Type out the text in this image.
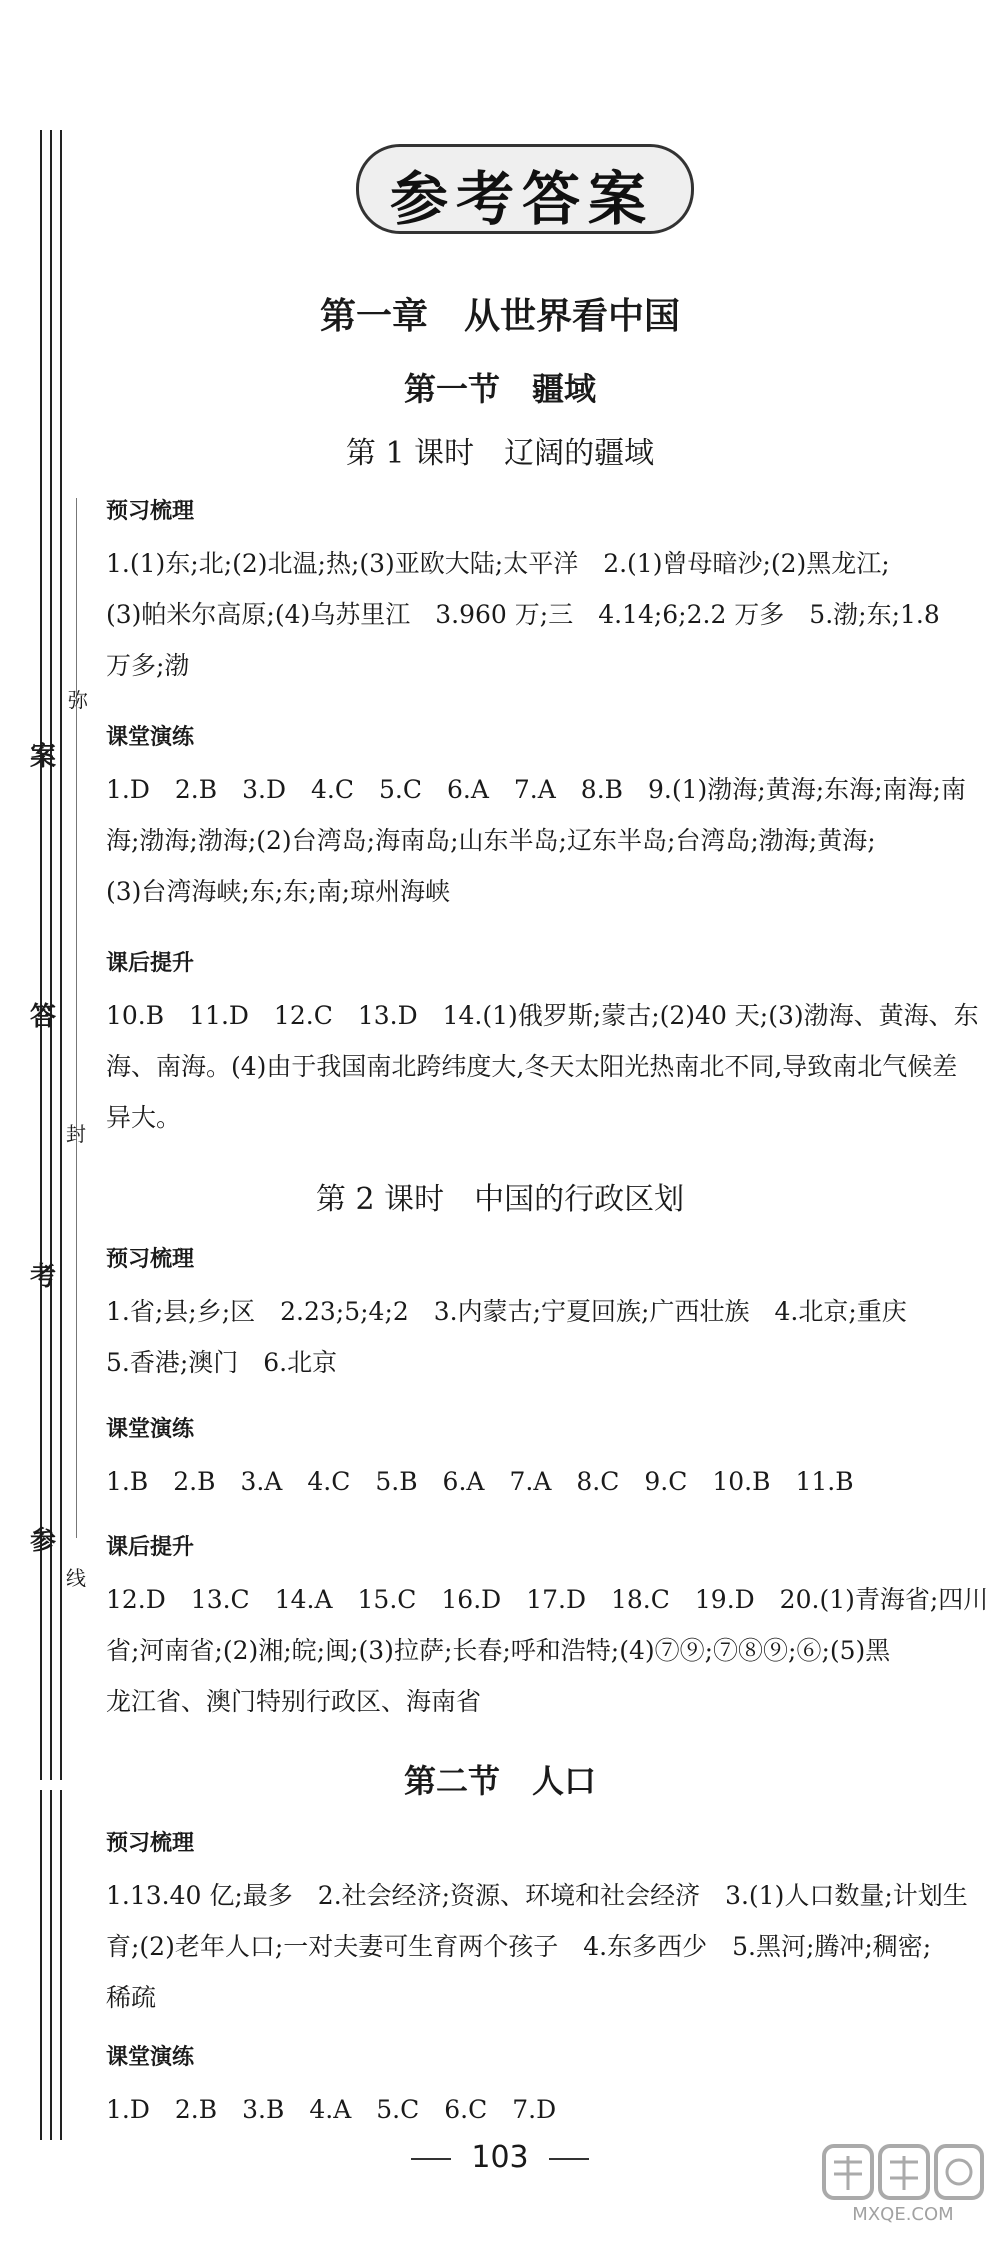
案
弥
答
封
考
参
线
参考答案
第一章　从世界看中国
第一节　疆域
第 1 课时　辽阔的疆域
预习梳理
1.(1)东;北;(2)北温;热;(3)亚欧大陆;太平洋　2.(1)曾母暗沙;(2)黑龙江;
(3)帕米尔高原;(4)乌苏里江　3.960 万;三　4.14;6;2.2 万多　5.渤;东;1.8
万多;渤
课堂演练
1.D　2.B　3.D　4.C　5.C　6.A　7.A　8.B　9.(1)渤海;黄海;东海;南海;南
海;渤海;渤海;(2)台湾岛;海南岛;山东半岛;辽东半岛;台湾岛;渤海;黄海;
(3)台湾海峡;东;东;南;琼州海峡
课后提升
10.B　11.D　12.C　13.D　14.(1)俄罗斯;蒙古;(2)40 天;(3)渤海、黄海、东
海、南海。(4)由于我国南北跨纬度大,冬天太阳光热南北不同,导致南北气候差
异大。
第 2 课时　中国的行政区划
预习梳理
1.省;县;乡;区　2.23;5;4;2　3.内蒙古;宁夏回族;广西壮族　4.北京;重庆
5.香港;澳门　6.北京
课堂演练
1.B　2.B　3.A　4.C　5.B　6.A　7.A　8.C　9.C　10.B　11.B
课后提升
12.D　13.C　14.A　15.C　16.D　17.D　18.C　19.D　20.(1)青海省;四川
省;河南省;(2)湘;皖;闽;(3)拉萨;长春;呼和浩特;(4)⑦⑨;⑦⑧⑨;⑥;(5)黑
龙江省、澳门特别行政区、海南省
第二节　人口
预习梳理
1.13.40 亿;最多　2.社会经济;资源、环境和社会经济　3.(1)人口数量;计划生
育;(2)老年人口;一对夫妻可生育两个孩子　4.东多西少　5.黑河;腾冲;稠密;
稀疏
课堂演练
1.D　2.B　3.B　4.A　5.C　6.C　7.D
103
MXQE.COM
